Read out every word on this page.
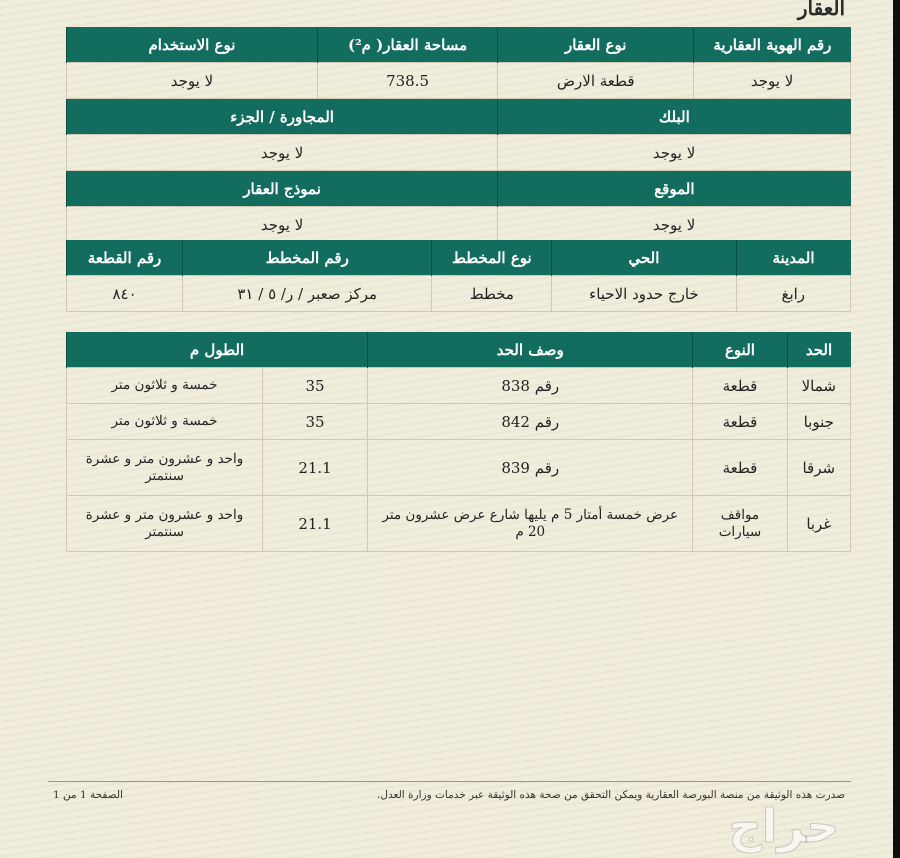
العقار
رقم الهوية العقارية	نوع العقار	مساحة العقار( م²)	نوع الاستخدام
لا يوجد	قطعة الارض	738.5	لا يوجد
البلك		المجاورة / الجزء	
لا يوجد		لا يوجد	
الموقع		نموذج العقار	
لا يوجد		لا يوجد	
المدينة	الحي	نوع المخطط	رقم المخطط	رقم القطعة
رابغ	خارج حدود الاحياء	مخطط	مركز صعبر / ر/ ٥ / ٣١	٨٤٠
الحد	النوع	وصف الحد	الطول م	
شمالا	قطعة	رقم 838	35	خمسة و ثلاثون متر
جنوبا	قطعة	رقم 842	35	خمسة و ثلاثون متر
شرقا	قطعة	رقم 839	21.1	واحد و عشرون متر و عشرة سنتمتر
غربا	مواقف سيارات	عرض خمسة أمتار 5 م يليها شارع عرض عشرون متر 20 م	21.1	واحد و عشرون متر و عشرة سنتمتر
صدرت هذه الوثيقة من منصة البورصة العقارية ويمكن التحقق من صحة هذه الوثيقة عبر خدمات وزارة العدل.
الصفحة 1 من 1
حراج
